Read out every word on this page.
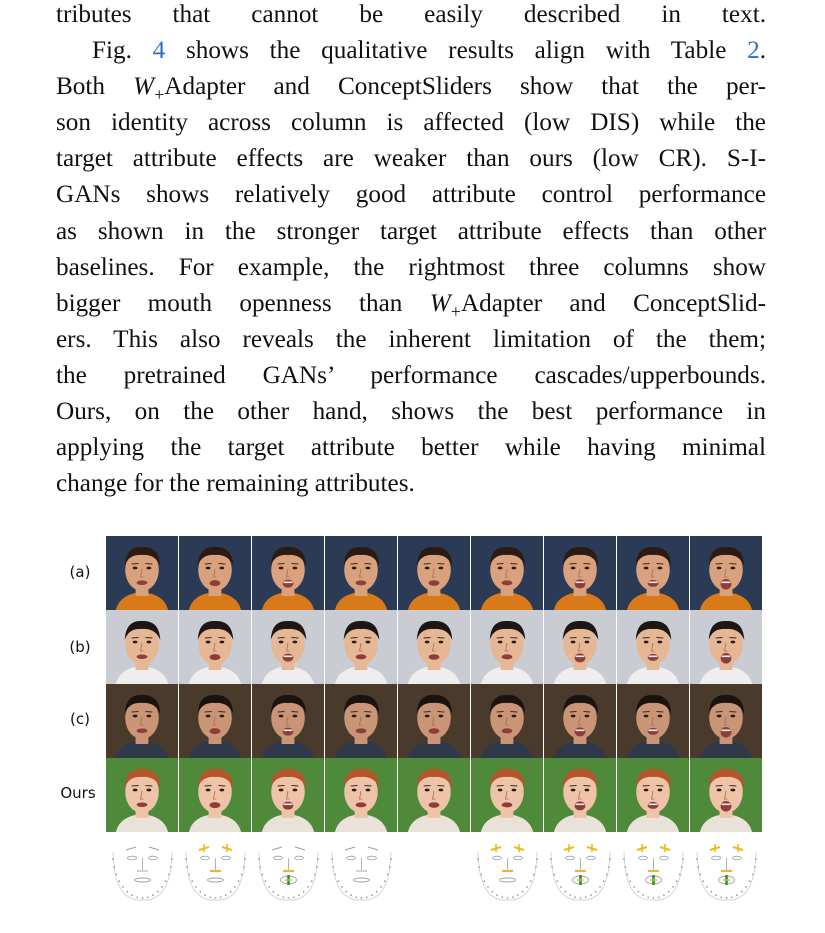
tributes that cannot be easily described in text.
Fig. 4 shows the qualitative results align with Table 2.
Both $W_+Adapter$ and ConceptSliders show that the per-
son identity across column is affected (low DIS) while the
target attribute effects are weaker than ours (low CR). S-I-
GANs shows relatively good attribute control performance
as shown in the stronger target attribute effects than other
baselines. For example, the rightmost three columns show
bigger mouth openness than $W_+Adapter$ and ConceptSlid-
ers. This also reveals the inherent limitation of the them;
the pretrained GANs’ performance cascades/upperbounds.
Ours, on the other hand, shows the best performance in
applying the target attribute better while having minimal
change for the remaining attributes.
(a)
(b)
(c)
Ours
